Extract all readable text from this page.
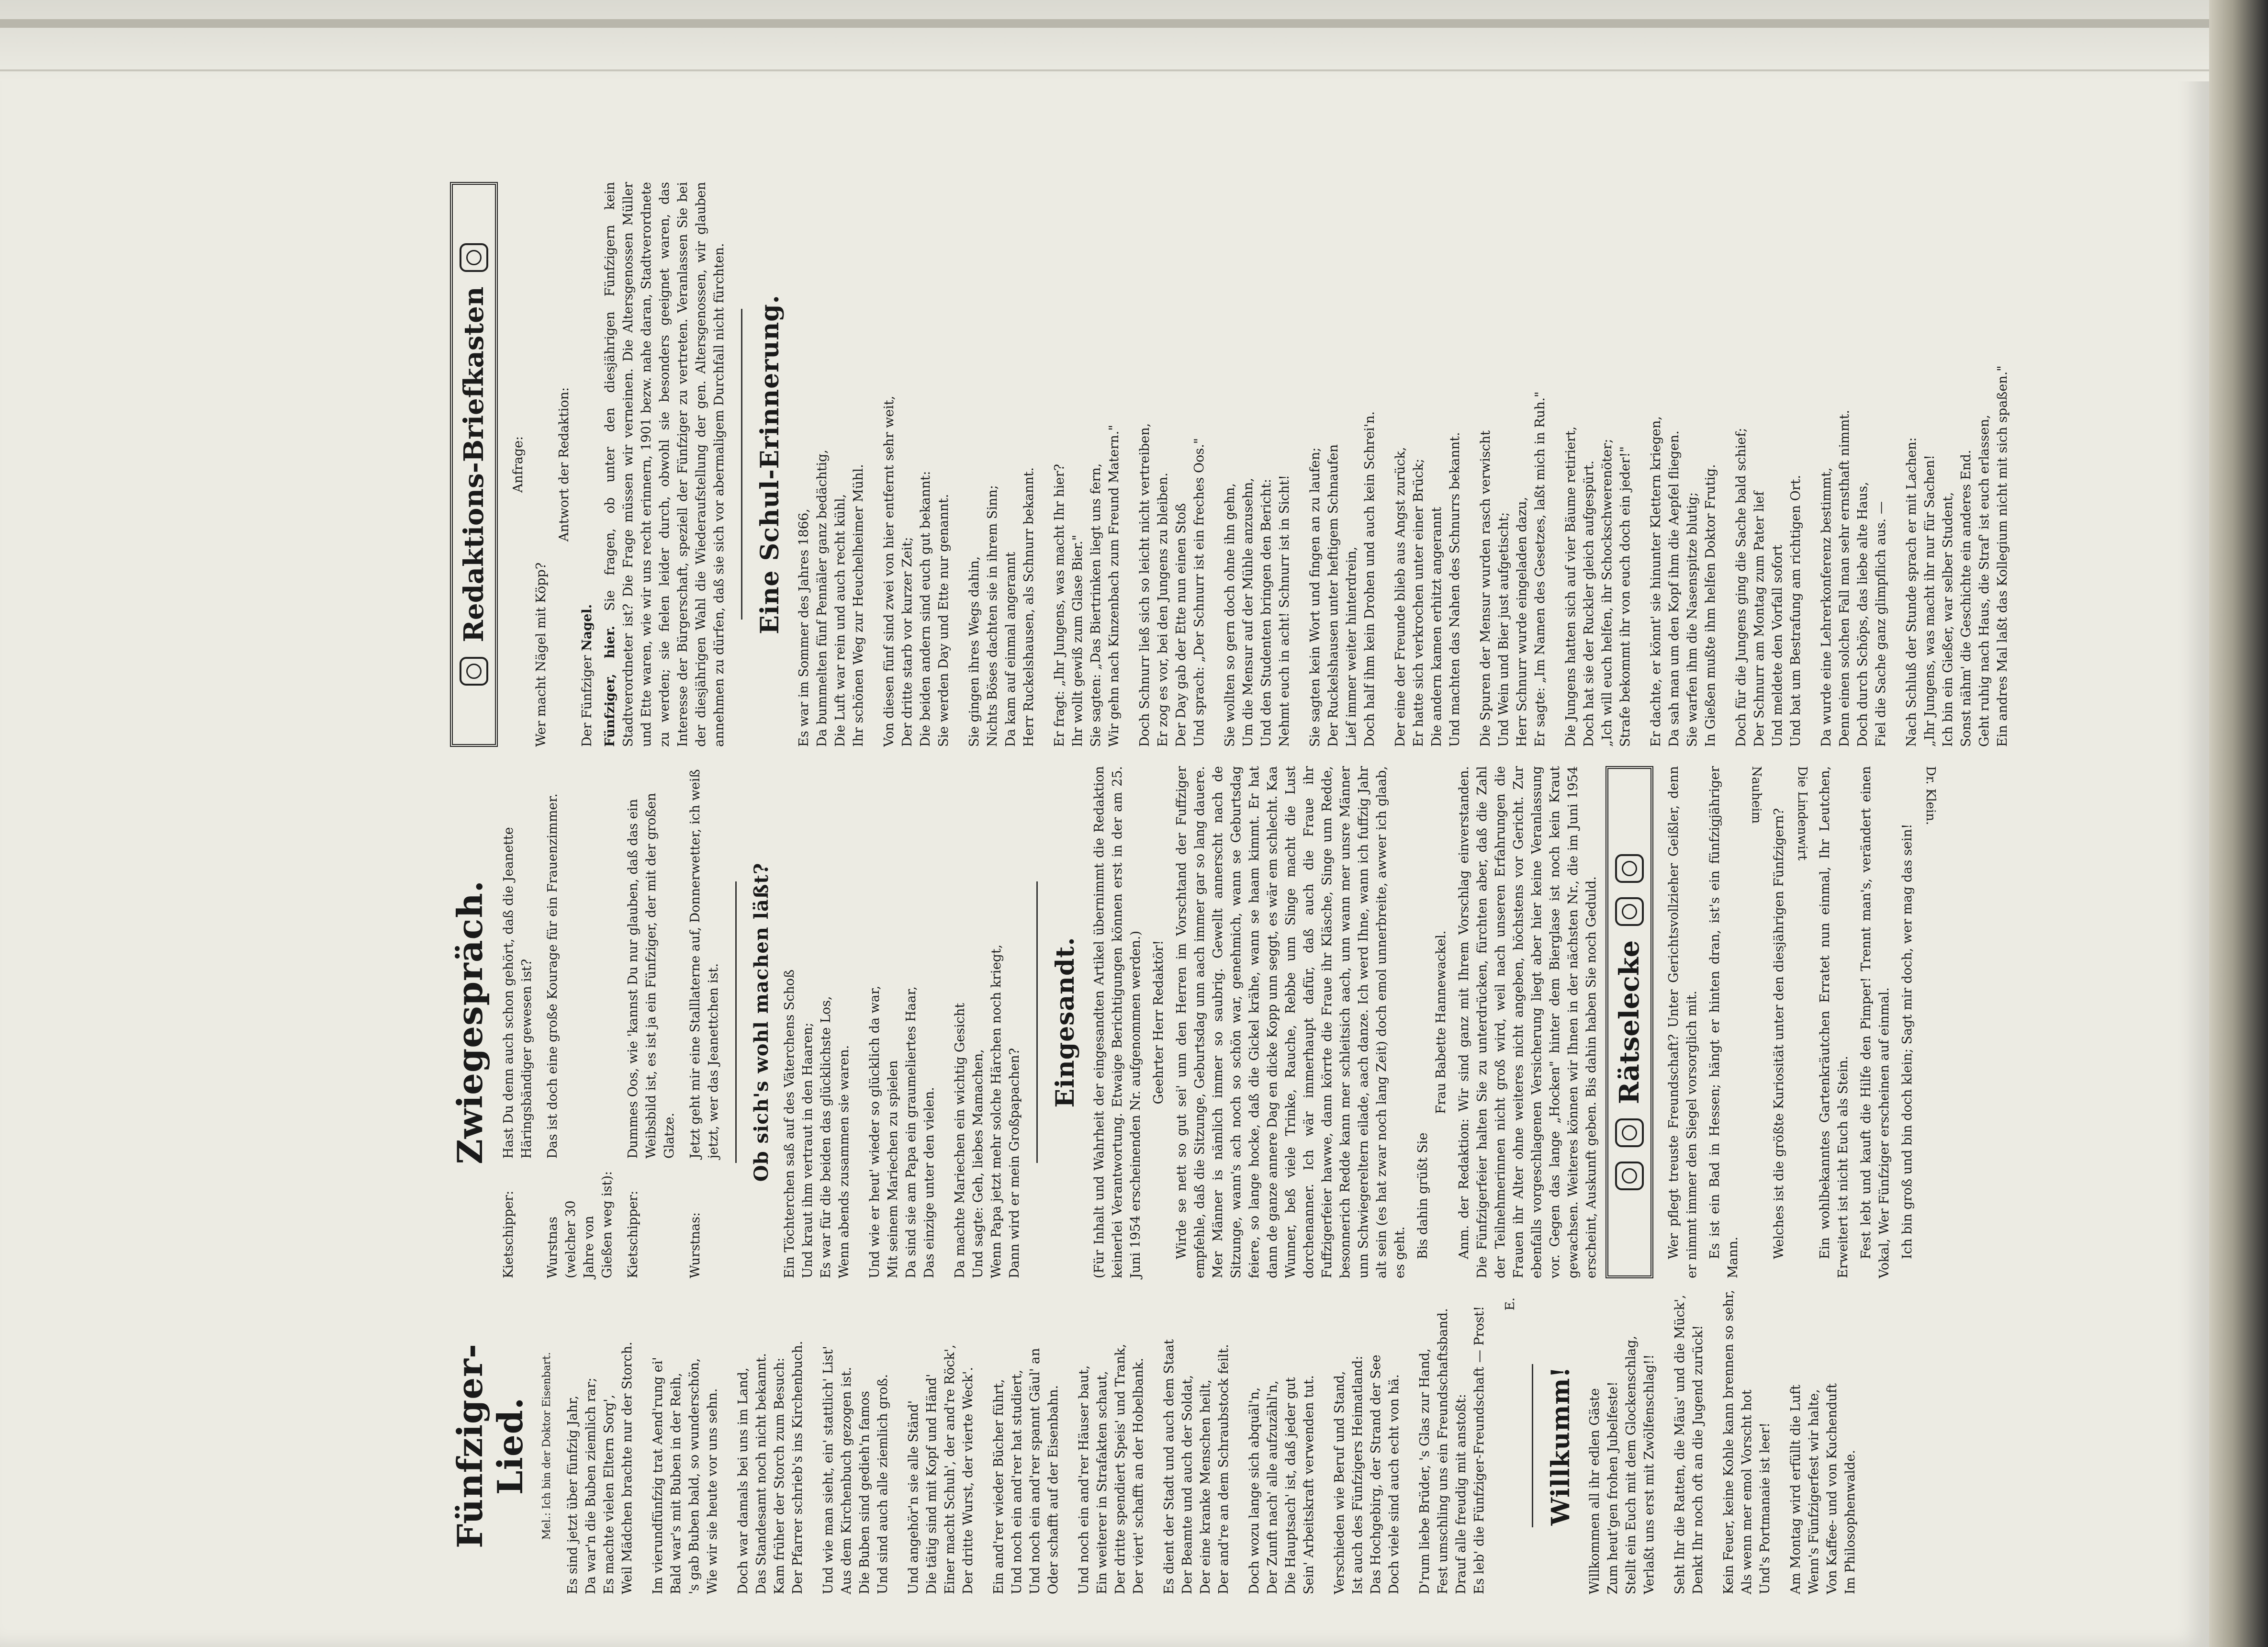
Fünfziger-Lied. Mel.: Ich bin der Doktor Eisenbart. Es sind jetzt über fünfzig Jahr, Da war'n die Buben ziemlich rar; Es machte vielen Eltern Sorg', Weil Mädchen brachte nur der Storch. Im vierundfünfzig trat Aend'rung ei' Bald war's mit Buben in der Reih, 's gab Buben bald, so wunderschön, Wie wir sie heute vor uns sehn. Doch war damals bei uns im Land, Das Standesamt noch nicht bekannt. Kam früher der Storch zum Besuch: Der Pfarrer schrieb's ins Kirchenbuch. Und wie man sieht, ein' stattlich' List' Aus dem Kirchenbuch gezogen ist. Die Buben sind gedieh'n famos Und sind auch alle ziemlich groß. Und angehör'n sie alle Ständ' Die tätig sind mit Kopf und Händ' Einer macht Schuh', der and're Röck', Der dritte Wurst, der vierte Weck'. Ein and'rer wieder Bücher führt, Und noch ein and'rer hat studiert, Und noch ein and'rer spannt Gäul' an Oder schafft auf der Eisenbahn. Und noch ein and'rer Häuser baut, Ein weiterer in Strafakten schaut, Der dritte spendiert Speis' und Trank, Der viert' schafft an der Hobelbank. Es dient der Stadt und auch dem Staat Der Beamte und auch der Soldat, Der eine kranke Menschen heilt, Der and're an dem Schraubstock feilt. Doch wozu lange sich abquäl'n, Der Zunft nach' alle aufzuzähl'n, Die Hauptsach' ist, daß jeder gut Sein' Arbeitskraft verwenden tut. Verschieden wie Beruf und Stand, Ist auch des Fünfzigers Heimatland: Das Hochgebirg, der Strand der See Doch viele sind auch echt von hä. D'rum liebe Brüder, 's Glas zur Hand, Fest umschling uns ein Freundschaftsband. Drauf alle freudig mit anstoßt: Es leb' die Fünfziger-Freundschaft — Prost!
E.
Willkumm! Willkommen all ihr edlen Gäste Zum heut'gen frohen Jubelfeste! Stellt ein Euch mit dem Glockenschlag, Verlaßt uns erst mit Zwölfenschlag!! Seht Ihr die Ratten, die Mäus' und die Mück', Denkt Ihr noch oft an die Jugend zurück! Kein Feuer, keine Kohle kann brennen so sehr, Als wenn mer emol Vorscht hot Und's Portmanaie ist leer! Am Montag wird erfüllt die Luft Wenn's Fünfzigerfest wir halte, Von Kaffee- und von Kuchenduft Im Philosophenwalde.
Zwiegespräch.
Kietschipper:
Hast Du denn auch schon gehört, daß die Jeanette Häringsbändiger gewesen ist?
Wurstnas (welcher 30 Jahre von Gießen weg ist):
Das ist doch eine große Kourage für ein Frauenzimmer.
Kietschipper:
Dummes Oos, wie 'kannst Du nur glauben, daß das ein Weibsbild ist, es ist ja ein Fünfziger, der mit der großen Glatze.
Wurstnas:
Jetzt geht mir eine Stalllaterne auf, Donnerwetter, ich weiß jetzt, wer das Jeanettchen ist. Ob sich's wohl machen läßt? Ein Töchterchen saß auf des Väterchens Schoß Und kraut ihm vertraut in den Haaren; Es war für die beiden das glücklichste Los, Wenn abends zusammen sie waren. Und wie er heut' wieder so glücklich da war, Mit seinem Mariechen zu spielen Da sind sie am Papa ein graumeliertes Haar, Das einzige unter den vielen. Da machte Mariechen ein wichtig Gesicht Und sagte: Geh, liebes Mamachen, Wenn Papa jetzt mehr solche Härchen noch kriegt, Dann wird er mein Großpapachen?
Eingesandt. (Für Inhalt und Wahrheit der eingesandten Artikel übernimmt die Redaktion keinerlei Verantwortung. Etwaige Berichtigungen können erst in der am 25. Juni 1954 erscheinenden Nr. aufgenommen werden.) Geehrter Herr Redaktör! Wirde se nett so gut sei' unn den Herren im Vorschtand der Fuffziger empfehle, daß die Sitzunge, Geburtsdag unn aach immer gar so lang dauere. Mer Männer is nämlich immer so saubrig. Gewellt annerscht nach de Sitzunge, wann's ach noch so schön war, genehmich, wann se Geburtsdag feiere, so lange hocke, daß die Gickel krähe, wann se haam kimmt. Er hat dann de ganze annere Dag en dicke Kopp unn seggt, es wär em schlecht. Kaa Wunner, beß viele Trinke, Rauche, Rebbe unn Singe macht die Lust dorchenanner. Ich wär immerhaupt dafür, daß auch die Fraue ihr Fuffzigerfeier hawwe, dann körrte die Fraue ihr Kläsche, Singe unn Redde, besonnerich Redde kann mer schleitsich aach, unn wann mer unsre Männer unn Schwiegereltern eilade, aach danze. Ich werd Ihne, wann ich fuffzig Jahr alt sein (es hat zwar noch lang Zeit) doch emol unnerbreite, awwer ich glaab, es geht. Bis dahin grüßt Sie
Frau Babette Hannewackel. Anm. der Redaktion: Wir sind ganz mit Ihrem Vorschlag einverstanden. Die Fünfzigerfeier halten Sie zu unterdrücken, fürchten aber, daß die Zahl der Teilnehmerinnen nicht groß wird, weil nach unseren Erfahrungen die Frauen ihr Alter ohne weiteres nicht angeben, höchstens vor Gericht. Zur ebenfalls vorgeschlagenen Versicherung liegt aber hier keine Veranlassung vor. Gegen das lange „Hocken" hinter dem Bierglase ist noch kein Kraut gewachsen. Weiteres können wir Ihnen in der nächsten Nr., die im Juni 1954 erscheint, Auskunft geben. Bis dahin haben Sie noch Geduld. Rätselecke Wer pflegt treuste Freundschaft? Unter Gerichtsvollzieher Geißler, denn er nimmt immer den Siegel vorsorglich mit. Es ist ein Bad in Hessen; hängt er hinten dran, ist's ein fünfzigjähriger Mann.
Nauheim
Welches ist die größte Kuriosität unter den diesjährigen Fünfzigern? Die Lindenwirt Ein wohlbekanntes Gartenkräutchen Erratet nun einmal, Ihr Leutchen, Erweitert ist nicht Euch als Stein. Fest lebt und kauft die Hilfe den Pimper! Trennt man's, verändert einen Vokal, Wer Fünfziger erscheinen auf einmal. Ich bin groß und bin doch klein; Sagt mir doch, wer mag das sein!
Dr. Klein.
Redaktions-Briefkasten Anfrage:
Wer macht Nägel mit Köpp?
Antwort der Redaktion:
Der Fünfziger Nagel. Fünfziger, hier. Sie fragen, ob unter den diesjährigen Fünfzigern kein Stadtverordneter ist? Die Frage müssen wir verneinen. Die Altersgenossen Müller und Ette waren, wie wir uns recht erinnern, 1901 bezw. nahe daran, Stadtverordnete zu werden; sie fielen leider durch, obwohl sie besonders geeignet waren, das Interesse der Bürgerschaft, speziell der Fünfziger zu vertreten. Veranlassen Sie bei der diesjährigen Wahl die Wiederaufstellung der gen. Altersgenossen, wir glauben annehmen zu dürfen, daß sie sich vor abermaligem Durchfall nicht fürchten. Eine Schul-Erinnerung. Es war im Sommer des Jahres 1866, Da bummelten fünf Pennäler ganz bedächtig, Die Luft war rein und auch recht kühl, Ihr schönen Weg zur Heuchelheimer Mühl. Von diesen fünf sind zwei von hier entfernt sehr weit, Der dritte starb vor kurzer Zeit; Die beiden andern sind euch gut bekannt: Sie werden Day und Ette nur genannt. Sie gingen ihres Wegs dahin, Nichts Böses dachten sie in ihrem Sinn; Da kam auf einmal angerannt Herr Ruckelshausen, als Schnurr bekannt. Er fragt: „Ihr Jungens, was macht Ihr hier? Ihr wollt gewiß zum Glase Bier." Sie sagten: „Das Biertrinken liegt uns fern, Wir gehn nach Kinzenbach zum Freund Matern." Doch Schnurr ließ sich so leicht nicht vertreiben, Er zog es vor, bei den Jungens zu bleiben. Der Day gab der Ette nun einen Stoß Und sprach: „Der Schnurr ist ein freches Oos." Sie wollten so gern doch ohne ihn gehn, Um die Mensur auf der Mühle anzusehn, Und den Studenten bringen den Bericht: Nehmt euch in acht! Schnurr ist in Sicht! Sie sagten kein Wort und fingen an zu laufen; Der Ruckelshausen unter heftigem Schnaufen Lief immer weiter hinterdrein, Doch half ihm kein Drohen und auch kein Schrei'n. Der eine der Freunde blieb aus Angst zurück, Er hatte sich verkrochen unter einer Brück; Die andern kamen erhitzt angerannt Und machten das Nahen des Schnurrs bekannt. Die Spuren der Mensur wurden rasch verwischt Und Wein und Bier just aufgetischt; Herr Schnurr wurde eingeladen dazu, Er sagte: „Im Namen des Gesetzes, laßt mich in Ruh." Die Jungens hatten sich auf vier Bäume retiriert, Doch hat sie der Ruckler gleich aufgespürt. „Ich will euch helfen, ihr Schockschwerenöter; Strafe bekommt ihr von euch doch ein jeder!" Er dachte, er könnt' sie hinunter Klettern kriegen, Da sah man um den Kopf ihm die Aepfel fliegen. Sie warfen ihm die Nasenspitze blutig; In Gießen mußte ihm helfen Doktor Frutig. Doch für die Jungens ging die Sache bald schief; Der Schnurr am Montag zum Pater lief Und meldete den Vorfall sofort Und bat um Bestrafung am richtigen Ort. Da wurde eine Lehrerkonferenz bestimmt, Denn einen solchen Fall man sehr ernsthaft nimmt. Doch durch Schöps, das liebe alte Haus, Fiel die Sache ganz glimpflich aus. — Nach Schluß der Stunde sprach er mit Lachen: „Ihr Jungens, was macht ihr nur für Sachen! Ich bin ein Gießer, war selber Student, Sonst nähm' die Geschichte ein anderes End. Geht ruhig nach Haus, die Straf' ist euch erlassen, Ein andres Mal laßt das Kollegium nicht mit sich spaßen."
